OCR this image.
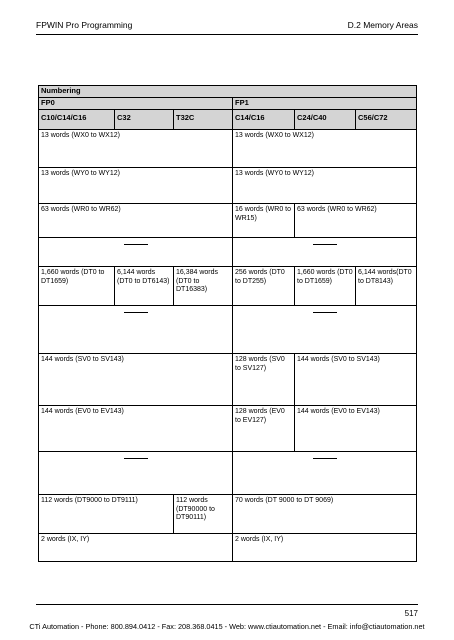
FPWIN Pro Programming	D.2 Memory Areas
Numbering					
FP0			FP1		
C10/C14/C16	C32	T32C	C14/C16	C24/C40	C56/C72
13 words (WX0 to WX12)			13 words (WX0 to WX12)		
13 words (WY0 to WY12)			13 words (WY0 to WY12)		
63 words (WR0 to WR62)			16 words (WR0 to WR15)	63 words (WR0 to WR62)	

1,660 words (DT0 to DT1659)	6,144 words (DT0 to DT6143)	16,384 words (DT0 to DT16383)	256 words (DT0 to DT255)	1,660 words (DT0 to DT1659)	6,144 words(DT0 to DT8143)

144 words (SV0 to SV143)			128 words (SV0 to SV127)	144 words (SV0 to SV143)	
144 words (EV0 to EV143)			128 words (EV0 to EV127)	144 words (EV0 to EV143)	

112 words (DT9000 to DT9111)		112 words (DT90000 to DT90111)	70 words (DT 9000 to DT 9069)		
2 words (IX, IY)			2 words (IX, IY)		
517
CTi Automation - Phone: 800.894.0412 - Fax: 208.368.0415 - Web: www.ctiautomation.net - Email: info@ctiautomation.net
